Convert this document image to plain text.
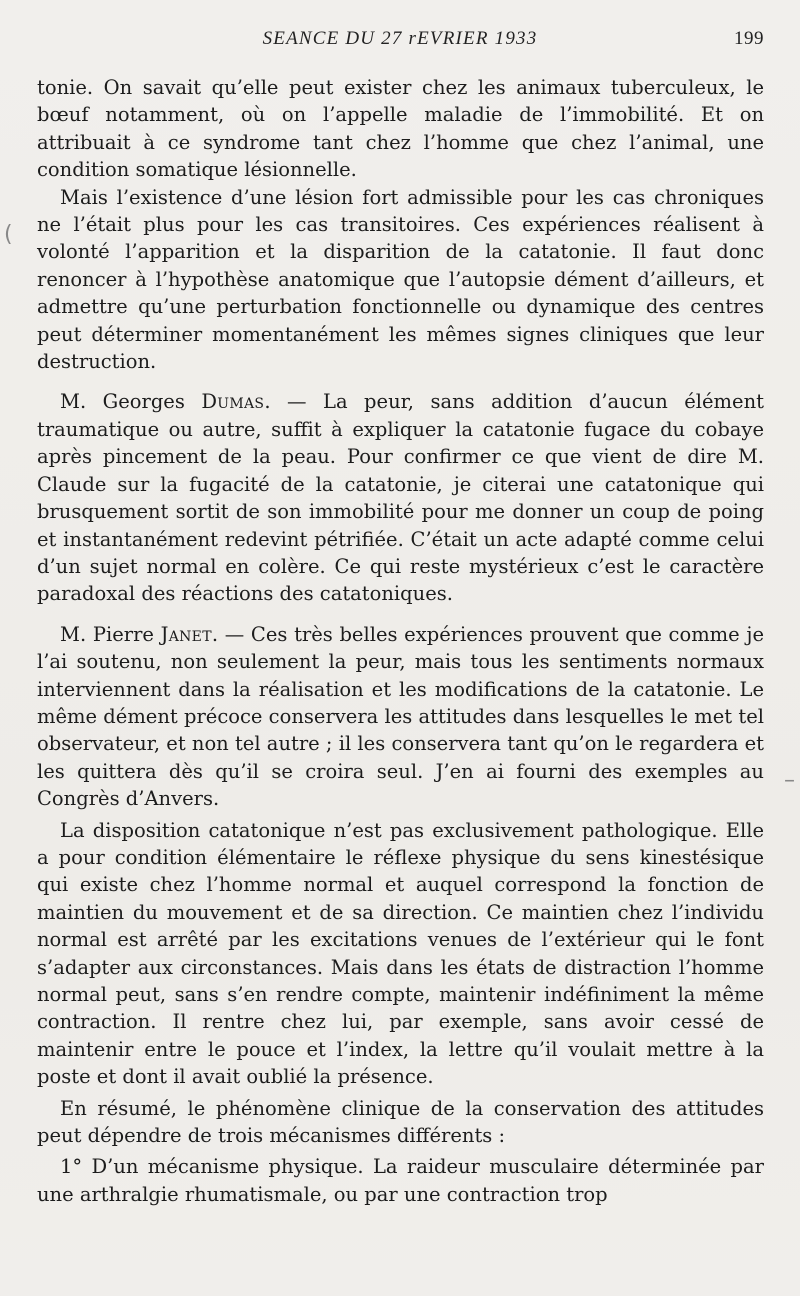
SEANCE DU 27 rEVRIER 1933	199

tonie. On savait qu’elle peut exister chez les animaux tuberculeux, le bœuf notamment, où on l’appelle maladie de l’immobilité. Et on attribuait à ce syndrome tant chez l’homme que chez l’animal, une condition somatique lésionnelle.

Mais l’existence d’une lésion fort admissible pour les cas chroniques ne l’était plus pour les cas transitoires. Ces expériences réalisent à volonté l’apparition et la disparition de la catatonie. Il faut donc renoncer à l’hypothèse anatomique que l’autopsie dément d’ailleurs, et admettre qu’une perturbation fonctionnelle ou dynamique des centres peut déterminer momentanément les mêmes signes cliniques que leur destruction.

M. Georges Dumas. — La peur, sans addition d’aucun élément traumatique ou autre, suffit à expliquer la catatonie fugace du cobaye après pincement de la peau. Pour confirmer ce que vient de dire M. Claude sur la fugacité de la catatonie, je citerai une catatonique qui brusquement sortit de son immobilité pour me donner un coup de poing et instantanément redevint pétrifiée. C’était un acte adapté comme celui d’un sujet normal en colère. Ce qui reste mystérieux c’est le caractère paradoxal des réactions des catatoniques.

M. Pierre Janet. — Ces très belles expériences prouvent que comme je l’ai soutenu, non seulement la peur, mais tous les sentiments normaux interviennent dans la réalisation et les modifications de la catatonie. Le même dément précoce conservera les attitudes dans lesquelles le met tel observateur, et non tel autre ; il les conservera tant qu’on le regardera et les quittera dès qu’il se croira seul. J’en ai fourni des exemples au Congrès d’Anvers.

La disposition catatonique n’est pas exclusivement pathologique. Elle a pour condition élémentaire le réflexe physique du sens kinestésique qui existe chez l’homme normal et auquel correspond la fonction de maintien du mouvement et de sa direction. Ce maintien chez l’individu normal est arrêté par les excitations venues de l’extérieur qui le font s’adapter aux circonstances. Mais dans les états de distraction l’homme normal peut, sans s’en rendre compte, maintenir indéfiniment la même contraction. Il rentre chez lui, par exemple, sans avoir cessé de maintenir entre le pouce et l’index, la lettre qu’il voulait mettre à la poste et dont il avait oublié la présence.

En résumé, le phénomène clinique de la conservation des attitudes peut dépendre de trois mécanismes différents :

1° D’un mécanisme physique. La raideur musculaire déterminée par une arthralgie rhumatismale, ou par une contraction trop

(
–
